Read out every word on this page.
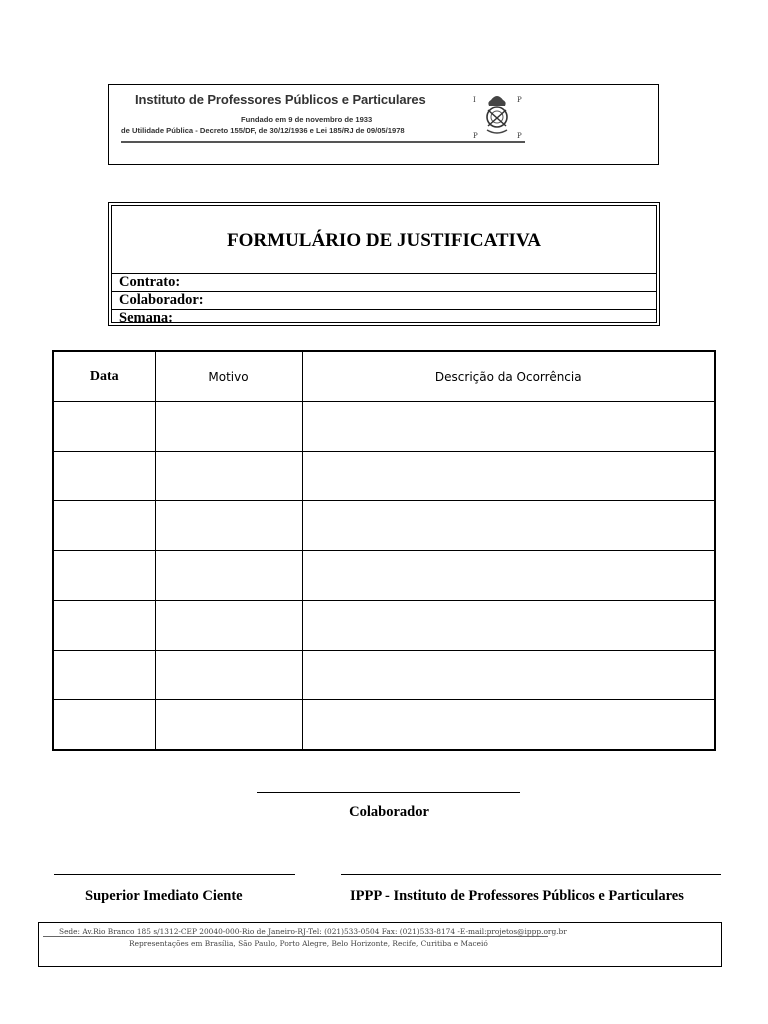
Instituto de Professores Públicos e Particulares
Fundado em 9 de novembro de 1933
de Utilidade Pública - Decreto 155/DF, de 30/12/1936 e Lei 185/RJ de 09/05/1978
I	P
P	P
FORMULÁRIO DE JUSTIFICATIVA
Contrato:
Colaborador:
Semana:
Data	Motivo	Descrição da Ocorrência

Colaborador
Superior Imediato Ciente	IPPP - Instituto de Professores Públicos e Particulares
Sede: Av.Rio Branco 185 s/1312-CEP 20040-000-Rio de Janeiro-RJ-Tel: (021)533-0504 Fax: (021)533-8174 -E-mail:projetos@ippp.org.br
Representações em Brasília, São Paulo, Porto Alegre, Belo Horizonte, Recife, Curitiba e Maceió
